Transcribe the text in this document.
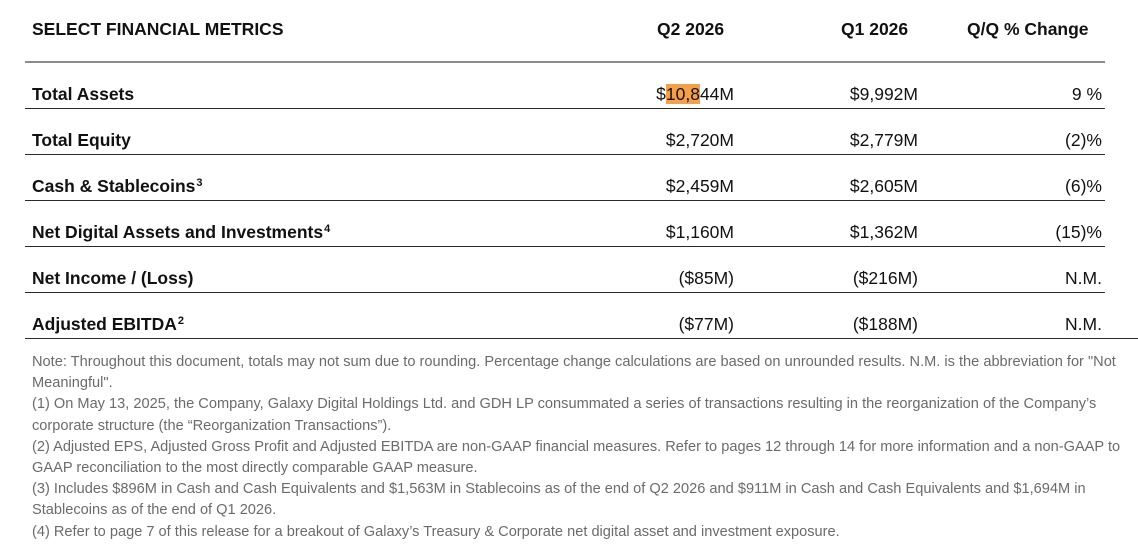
SELECT FINANCIAL METRICS	Q2 2026	Q1 2026	Q/Q % Change
Total Assets	$10,844M	$9,992M	9 %
Total Equity	$2,720M	$2,779M	(2)%
Cash & Stablecoins$^3$	$2,459M	$2,605M	(6)%
Net Digital Assets and Investments$^4$	$1,160M	$1,362M	(15)%
Net Income / (Loss)	($85M)	($216M)	N.M.
Adjusted EBITDA$^2$	($77M)	($188M)	N.M.

Note: Throughout this document, totals may not sum due to rounding. Percentage change calculations are based on unrounded results. N.M. is the abbreviation for "Not Meaningful".

(1) On May 13, 2025, the Company, Galaxy Digital Holdings Ltd. and GDH LP consummated a series of transactions resulting in the reorganization of the Company’s corporate structure (the “Reorganization Transactions”).

(2) Adjusted EPS, Adjusted Gross Profit and Adjusted EBITDA are non-GAAP financial measures. Refer to pages 12 through 14 for more information and a non-GAAP to GAAP reconciliation to the most directly comparable GAAP measure.

(3) Includes $896M in Cash and Cash Equivalents and $1,563M in Stablecoins as of the end of Q2 2026 and $911M in Cash and Cash Equivalents and $1,694M in Stablecoins as of the end of Q1 2026.

(4) Refer to page 7 of this release for a breakout of Galaxy’s Treasury & Corporate net digital asset and investment exposure.
